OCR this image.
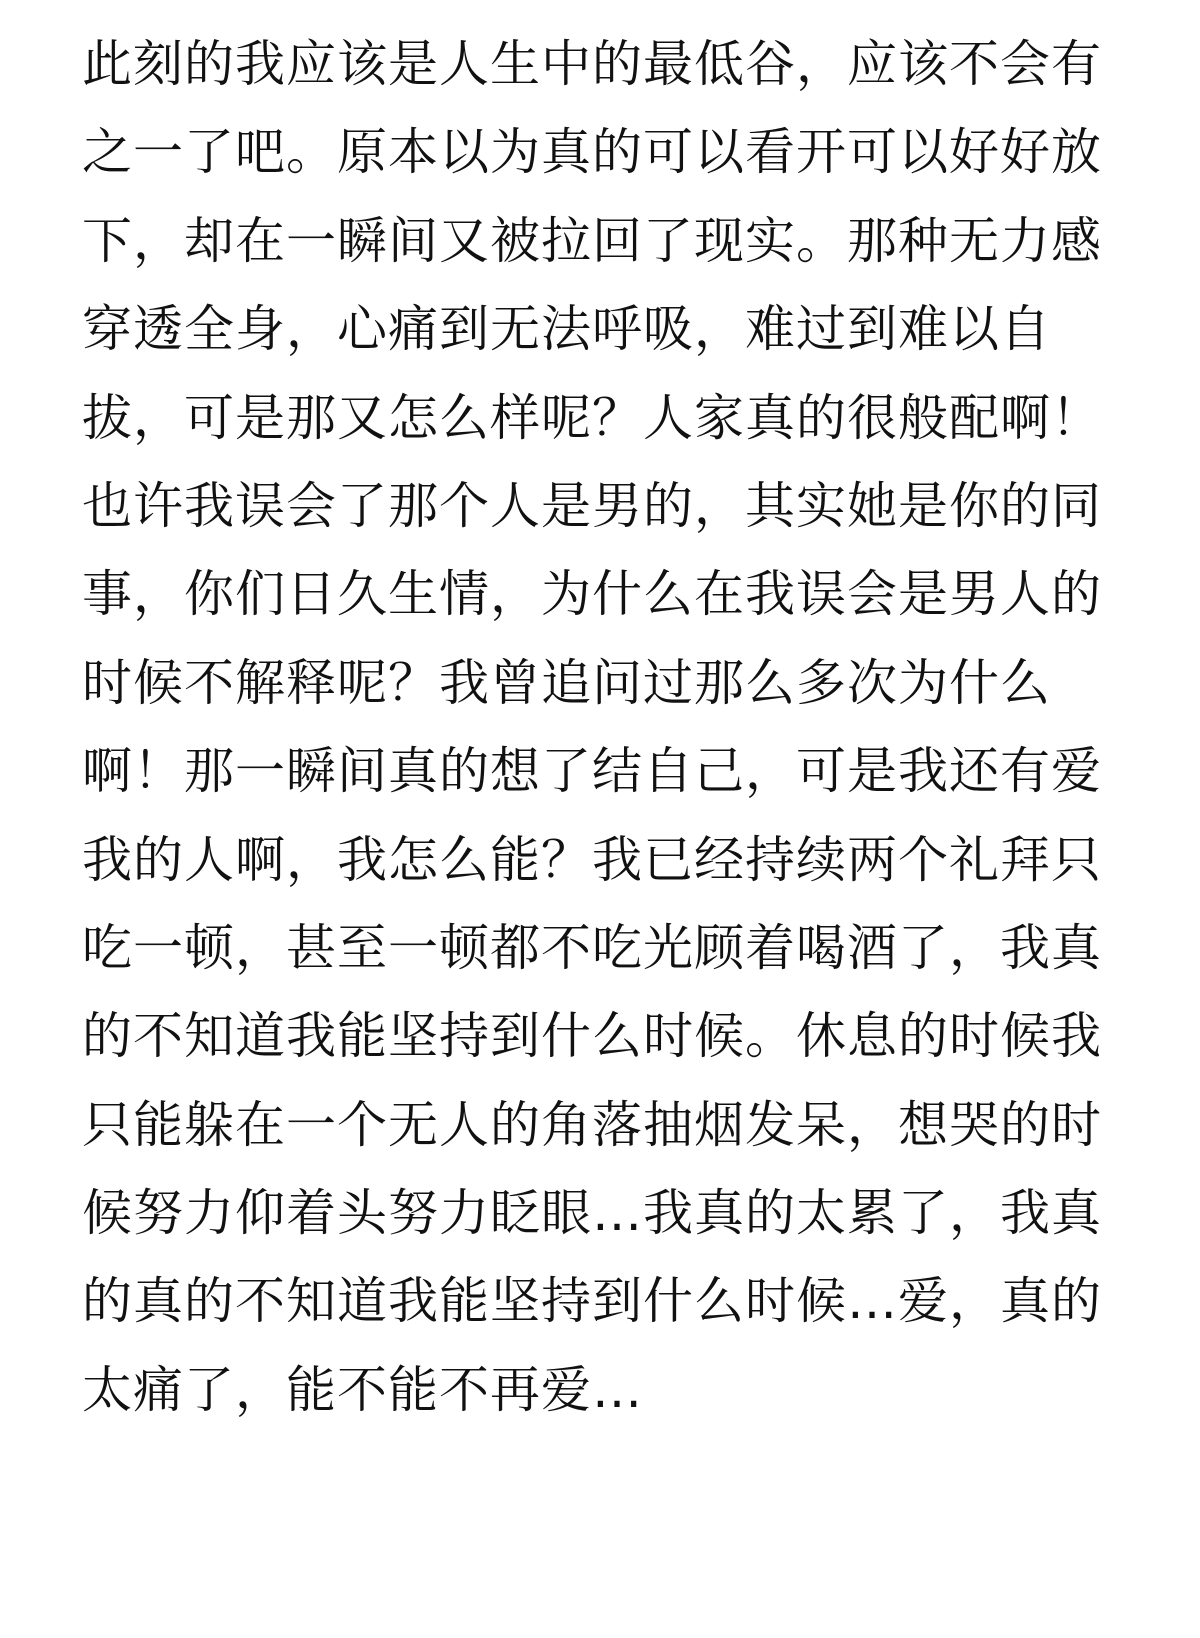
此刻的我应该是人生中的最低谷，应该不会有
之一了吧。原本以为真的可以看开可以好好放
下，却在一瞬间又被拉回了现实。那种无力感
穿透全身，心痛到无法呼吸，难过到难以自
拔，可是那又怎么样呢？人家真的很般配啊！
也许我误会了那个人是男的，其实她是你的同
事，你们日久生情，为什么在我误会是男人的
时候不解释呢？我曾追问过那么多次为什么
啊！那一瞬间真的想了结自己，可是我还有爱
我的人啊，我怎么能？我已经持续两个礼拜只
吃一顿，甚至一顿都不吃光顾着喝酒了，我真
的不知道我能坚持到什么时候。休息的时候我
只能躲在一个无人的角落抽烟发呆，想哭的时
候努力仰着头努力眨眼…我真的太累了，我真
的真的不知道我能坚持到什么时候…爱，真的
太痛了，能不能不再爱…
